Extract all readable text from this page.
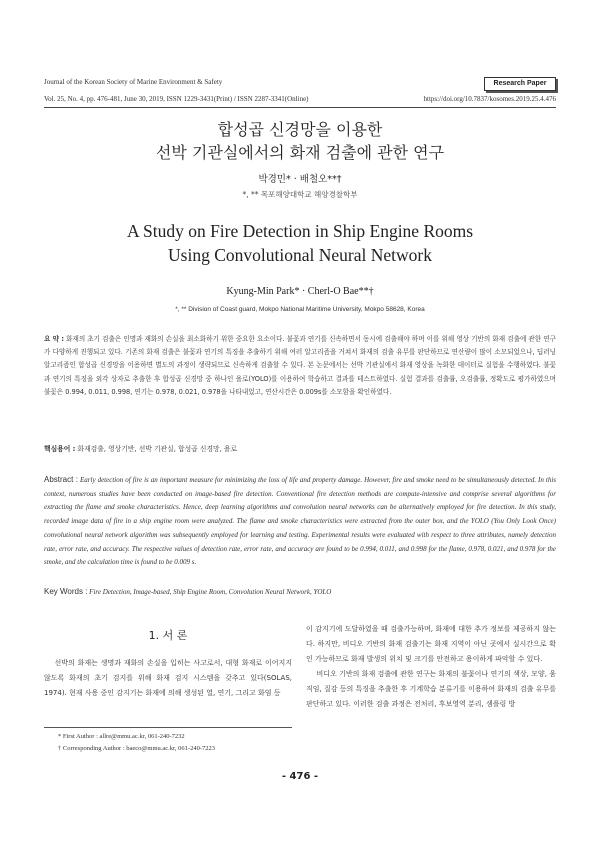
Journal of the Korean Society of Marine Environment & Safety	Research Paper
Vol. 25, No. 4, pp. 476-481, June 30, 2019, ISSN 1229-3431(Print) / ISSN 2287-3341(Online)	https://doi.org/10.7837/kosomes.2019.25.4.476
합성곱 신경망을 이용한
선박 기관실에서의 화재 검출에 관한 연구
박경민* · 배철오**†
*, ** 목포해양대학교 해양경찰학부
A Study on Fire Detection in Ship Engine Rooms
Using Convolutional Neural Network
Kyung-Min Park* · Cherl-O Bae**†
*, ** Division of Coast guard, Mokpo National Maritime University, Mokpo 58628, Korea
요 약 : 화재의 초기 검출은 인명과 재화의 손실을 최소화하기 위한 중요한 요소이다. 불꽃과 연기를 신속하면서 동시에 검출해야 하며 이를 위해 영상 기반의 화재 검출에 관한 연구가 다양하게 진행되고 있다. 기존의 화재 검출은 불꽃과 연기의 특징을 추출하기 위해 여러 알고리즘을 거쳐서 화재의 검출 유무를 판단하므로 연산량이 많이 소모되었으나, 딥러닝 알고리즘인 합성곱 신경망을 이용하면 별도의 과정이 생략되므로 신속하게 검출할 수 있다. 본 논문에서는 선박 기관실에서 화재 영상을 녹화한 데이터로 실험을 수행하였다. 불꽃과 연기의 특징을 외각 상자로 추출한 후 합성곱 신경망 중 하나인 욜로(YOLO)를 이용하여 학습하고 결과를 테스트하였다. 실험 결과를 검출률, 오검출률, 정확도로 평가하였으며 불꽃은 0.994, 0.011, 0.998, 연기는 0.978, 0.021, 0.978을 나타내었고, 연산시간은 0.009s를 소모함을 확인하였다.
핵심용어 : 화재검출, 영상기반, 선박 기관실, 합성곱 신경망, 욜로
Abstract : Early detection of fire is an important measure for minimizing the loss of life and property damage. However, fire and smoke need to be simultaneously detected. In this context, numerous studies have been conducted on image-based fire detection. Conventional fire detection methods are compute-intensive and comprise several algorithms for extracting the flame and smoke characteristics. Hence, deep learning algorithms and convolution neural networks can be alternatively employed for fire detection. In this study, recorded image data of fire in a ship engine room were analyzed. The flame and smoke characteristics were extracted from the outer box, and the YOLO (You Only Look Once) convolutional neural network algorithm was subsequently employed for learning and testing. Experimental results were evaluated with respect to three attributes, namely detection rate, error rate, and accuracy. The respective values of detection rate, error rate, and accuracy are found to be 0.994, 0.011, and 0.998 for the flame, 0.978, 0.021, and 0.978 for the smoke, and the calculation time is found to be 0.009 s.
Key Words : Fire Detection, Image-based, Ship Engine Room, Convolution Neural Network, YOLO
1. 서 론

선박의 화재는 생명과 재화의 손실을 입히는 사고로서, 대형 화재로 이어지지 않도록 화재의 초기 검지를 위해 화재 검지 시스템을 갖추고 있다(SOLAS, 1974). 현재 사용 중인 감지기는 화재에 의해 생성된 열, 연기, 그리고 화염 등

이 감지기에 도달하였을 때 검출가능하며, 화재에 대한 추가 정보를 제공하지 않는다. 하지만, 비디오 기반의 화재 검출기는 화재 지역이 아닌 곳에서 실시간으로 확인 가능하므로 화재 발생의 위치 및 크기를 안전하고 용이하게 파악할 수 있다.

비디오 기반의 화재 검출에 관한 연구는 화재의 불꽃이나 연기의 색상, 모양, 움직임, 질감 등의 특징을 추출한 후 기계학습 분류기를 이용하여 화재의 검출 유무를 판단하고 있다. 이러한 검출 과정은 전처리, 후보영역 분리, 샘플링 방

* First Author : allre@mmu.ac.kr, 061-240-7232
† Corresponding Author : baeco@mmu.ac.kr, 061-240-7223
- 476 -
